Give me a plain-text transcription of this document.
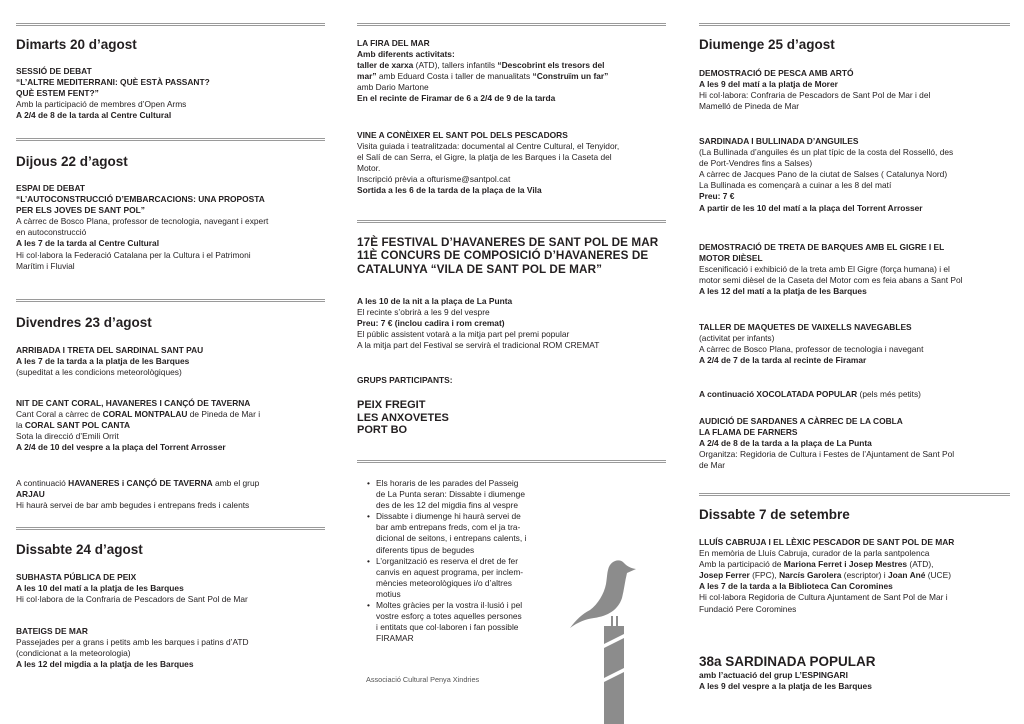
Dimarts 20 d’agost

SESSIÓ DE DEBAT

“L’ALTRE MEDITERRANI: QUÈ ESTÀ PASSANT?

QUÈ ESTEM FENT?”

Amb la participació de membres d’Open Arms

A 2/4 de 8 de la tarda al Centre Cultural

Dijous 22 d’agost

ESPAI DE DEBAT

“L’AUTOCONSTRUCCIÓ D’EMBARCACIONS: UNA PROPOSTA

PER ELS JOVES DE SANT POL”

A càrrec de Bosco Plana, professor de tecnologia, navegant i expert

en autoconstrucció

A les 7 de la tarda al Centre Cultural

Hi col·labora la Federació Catalana per la Cultura i el Patrimoni

Marítim i Fluvial

Divendres 23 d’agost

ARRIBADA I TRETA DEL SARDINAL SANT PAU

A les 7 de la tarda a la platja de les Barques

(supeditat a les condicions meteorològiques)

NIT DE CANT CORAL, HAVANERES I CANÇÓ DE TAVERNA

Cant Coral a càrrec de CORAL MONTPALAU de Pineda de Mar i

la CORAL SANT POL CANTA

Sota la direcció d’Emili Orrit

A 2/4 de 10 del vespre a la plaça del Torrent Arrosser

A continuació HAVANERES i CANÇÓ DE TAVERNA amb el grup

ARJAU

Hi haurà servei de bar amb begudes i entrepans freds i calents

Dissabte 24 d’agost

SUBHASTA PÚBLICA DE PEIX

A les 10 del matí a la platja de les Barques

Hi col·labora de la Confraria de Pescadors de Sant Pol de Mar

BATEIGS DE MAR

Passejades per a grans i petits amb les barques i patins d’ATD

(condicionat a la meteorologia)

A les 12 del migdia a la platja de les Barques

LA FIRA DEL MAR

Amb diferents activitats:

taller de xarxa (ATD), tallers infantils “Descobrint els tresors del

mar” amb Eduard Costa i taller de manualitats “Construïm un far”

amb Dario Martone

En el recinte de Firamar de 6 a 2/4 de 9 de la tarda

VINE A CONÈIXER EL SANT POL DELS PESCADORS

Visita guiada i teatralitzada: documental al Centre Cultural, el Tenyidor,

el Salí de can Serra, el Gigre, la platja de les Barques i la Caseta del

Motor.

Inscripció prèvia a ofturisme@santpol.cat

Sortida a les 6 de la tarda de la plaça de la Vila

17È FESTIVAL D’HAVANERES DE SANT POL DE MAR

11È CONCURS DE COMPOSICIÓ D’HAVANERES DE

CATALUNYA “VILA DE SANT POL DE MAR”

A les 10 de la nit a la plaça de La Punta

El recinte s’obrirà a les 9 del vespre

Preu: 7 € (inclou cadira i rom cremat)

El públic assistent votarà a la mitja part pel premi popular

A la mitja part del Festival se servirà el tradicional ROM CREMAT

GRUPS PARTICIPANTS:

PEIX FREGIT

LES ANXOVETES

PORT BO

• Els horaris de les parades del Passeig
de La Punta seran: Dissabte i diumenge
des de les 12 del migdia fins al vespre
• Dissabte i diumenge hi haurà servei de
bar amb entrepans freds, com el ja tra-
dicional de seitons, i entrepans calents, i
diferents tipus de begudes
• L’organització es reserva el dret de fer
canvis en aquest programa, per inclem-
mències meteorològiques i/o d’altres
motius
• Moltes gràcies per la vostra il·lusió i pel
vostre esforç a totes aquelles persones
i entitats que col·laboren i fan possible
FIRAMAR

Associació Cultural Penya Xindries

Diumenge 25 d’agost

DEMOSTRACIÓ DE PESCA AMB ARTÓ

A les 9 del matí a la platja de Morer

Hi col·labora: Confraria de Pescadors de Sant Pol de Mar i del

Mamelló de Pineda de Mar

SARDINADA I BULLINADA D’ANGUILES

(La Bullinada d’anguiles és un plat típic de la costa del Rosselló, des

de Port-Vendres fins a Salses)

A càrrec de Jacques Pano de la ciutat de Salses ( Catalunya Nord)

La Bullinada es començarà a cuinar a les 8 del matí

Preu: 7 €

A partir de les 10 del matí a la plaça del Torrent Arrosser

DEMOSTRACIÓ DE TRETA DE BARQUES AMB EL GIGRE I EL

MOTOR DIÈSEL

Escenificació i exhibició de la treta amb El Gigre (força humana) i el

motor semi dièsel de la Caseta del Motor com es feia abans a Sant Pol

A les 12 del matí a la platja de les Barques

TALLER DE MAQUETES DE VAIXELLS NAVEGABLES

(activitat per infants)

A càrrec de Bosco Plana, professor de tecnologia i navegant

A 2/4 de 7 de la tarda al recinte de Firamar

A continuació XOCOLATADA POPULAR (pels més petits)

AUDICIÓ DE SARDANES A CÀRREC DE LA COBLA

LA FLAMA DE FARNERS

A 2/4 de 8 de la tarda a la plaça de La Punta

Organitza: Regidoria de Cultura i Festes de l’Ajuntament de Sant Pol

de Mar

Dissabte 7 de setembre

LLUÍS CABRUJA I EL LÈXIC PESCADOR DE SANT POL DE MAR

En memòria de Lluís Cabruja, curador de la parla santpolenca

Amb la participació de Mariona Ferret i Josep Mestres (ATD),

Josep Ferrer (FPC), Narcís Garolera (escriptor) i Joan Ané (UCE)

A les 7 de la tarda a la Biblioteca Can Coromines

Hi col·labora Regidoria de Cultura Ajuntament de Sant Pol de Mar i

Fundació Pere Coromines

38a SARDINADA POPULAR

amb l’actuació del grup L’ESPINGARI

A les 9 del vespre a la platja de les Barques
